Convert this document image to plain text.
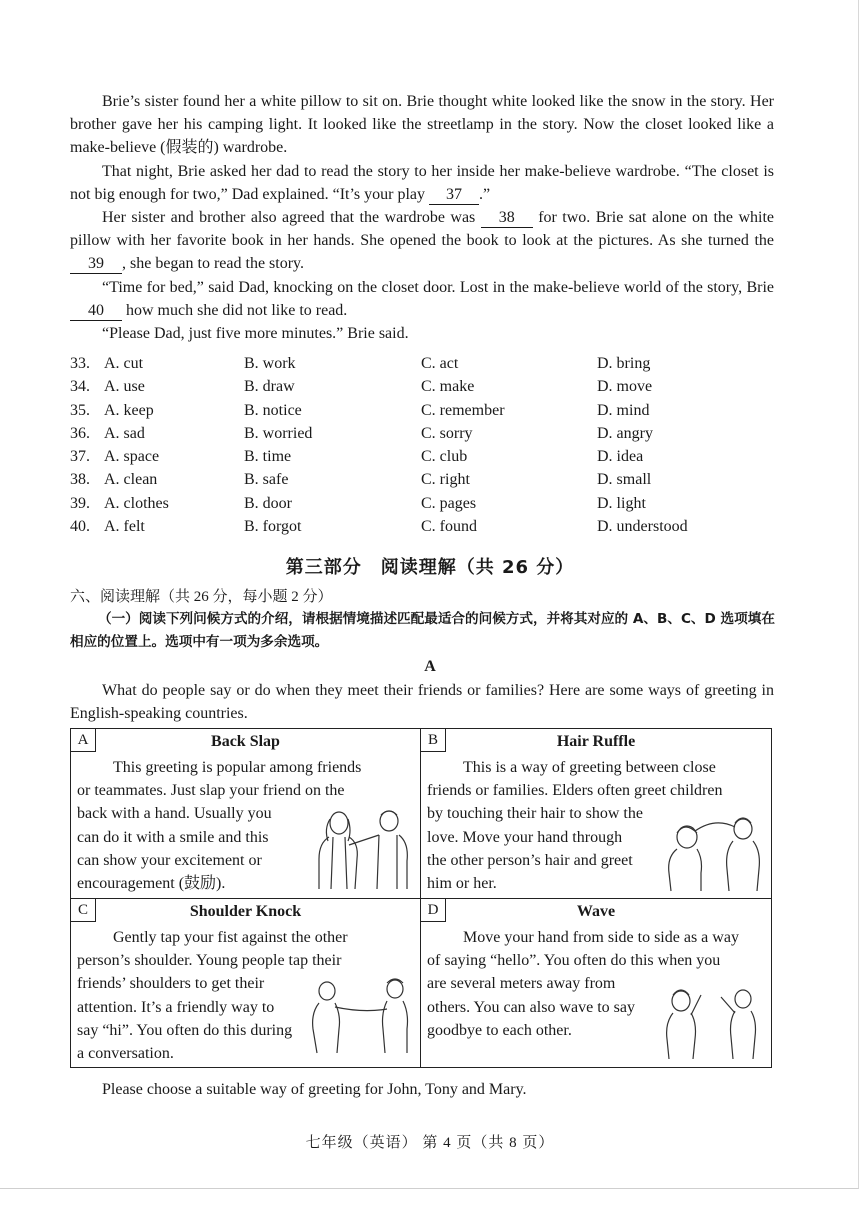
Brie’s sister found her a white pillow to sit on. Brie thought white looked like the snow in the story. Her brother gave her his camping light. It looked like the streetlamp in the story. Now the closet looked like a make-believe (假装的) wardrobe.

That night, Brie asked her dad to read the story to her inside her make-believe wardrobe. “The closet is not big enough for two,” Dad explained. “It’s your play 37 .”

Her sister and brother also agreed that the wardrobe was 38 for two. Brie sat alone on the white pillow with her favorite book in her hands. She opened the book to look at the pictures. As she turned the 39 , she began to read the story.

“Time for bed,” said Dad, knocking on the closet door. Lost in the make-believe world of the story, Brie 40 how much she did not like to read.

“Please Dad, just five more minutes.” Brie said.

33. A. cut	B. work	C. act	D. bring
34. A. use	B. draw	C. make	D. move
35. A. keep	B. notice	C. remember	D. mind
36. A. sad	B. worried	C. sorry	D. angry
37. A. space	B. time	C. club	D. idea
38. A. clean	B. safe	C. right	D. small
39. A. clothes	B. door	C. pages	D. light
40. A. felt	B. forgot	C. found	D. understood
第三部分　阅读理解（共 26 分）
六、阅读理解（共 26 分，每小题 2 分）
（一）阅读下列问候方式的介绍，请根据情境描述匹配最适合的问候方式，并将其对应的 A、B、C、D 选项填在相应的位置上。选项中有一项为多余选项。
A
What do people say or do when they meet their friends or families? Here are some ways of greeting in English-speaking countries.
A	Back Slap
This greeting is popular among friends
or teammates. Just slap your friend on the
back with a hand. Usually you
can do it with a smile and this
can show your excitement or
encouragement (鼓励).
B	Hair Ruffle
This is a way of greeting between close
friends or families. Elders often greet children
by touching their hair to show the
love. Move your hand through
the other person’s hair and greet
him or her.
C	Shoulder Knock
Gently tap your fist against the other
person’s shoulder. Young people tap their
friends’ shoulders to get their
attention. It’s a friendly way to
say “hi”. You often do this during
a conversation.
D	Wave
Move your hand from side to side as a way
of saying “hello”. You often do this when you
are several meters away from
others. You can also wave to say
goodbye to each other.
Please choose a suitable way of greeting for John, Tony and Mary.
七年级（英语） 第 4 页（共 8 页）
